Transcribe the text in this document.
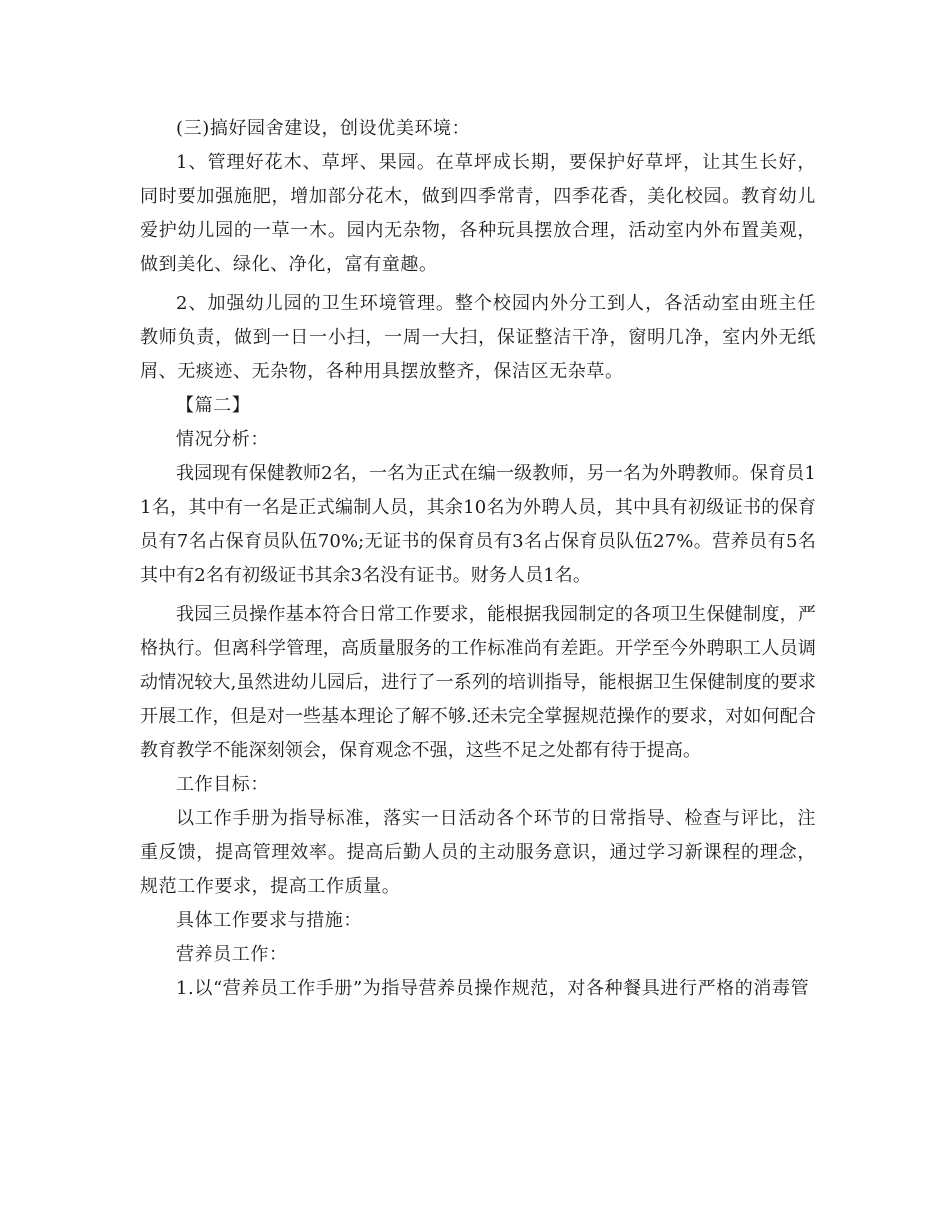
(三)搞好园舍建设，创设优美环境：

1、管理好花木、草坪、果园。在草坪成长期，要保护好草坪，让其生长好，同时要加强施肥，增加部分花木，做到四季常青，四季花香，美化校园。教育幼儿爱护幼儿园的一草一木。园内无杂物，各种玩具摆放合理，活动室内外布置美观，做到美化、绿化、净化，富有童趣。

2、加强幼儿园的卫生环境管理。整个校园内外分工到人，各活动室由班主任教师负责，做到一日一小扫，一周一大扫，保证整洁干净，窗明几净，室内外无纸屑、无痰迹、无杂物，各种用具摆放整齐，保洁区无杂草。

【篇二】

情况分析：

我园现有保健教师2名，一名为正式在编一级教师，另一名为外聘教师。保育员11名，其中有一名是正式编制人员，其余10名为外聘人员，其中具有初级证书的保育员有7名占保育员队伍70%;无证书的保育员有3名占保育员队伍27%。营养员有5名其中有2名有初级证书其余3名没有证书。财务人员1名。

我园三员操作基本符合日常工作要求，能根据我园制定的各项卫生保健制度，严格执行。但离科学管理，高质量服务的工作标准尚有差距。开学至今外聘职工人员调动情况较大,虽然进幼儿园后，进行了一系列的培训指导，能根据卫生保健制度的要求开展工作，但是对一些基本理论了解不够.还未完全掌握规范操作的要求，对如何配合教育教学不能深刻领会，保育观念不强，这些不足之处都有待于提高。

工作目标：

以工作手册为指导标准，落实一日活动各个环节的日常指导、检查与评比，注重反馈，提高管理效率。提高后勤人员的主动服务意识，通过学习新课程的理念，规范工作要求，提高工作质量。

具体工作要求与措施：

营养员工作：

1.以“营养员工作手册”为指导营养员操作规范，对各种餐具进行严格的消毒管
